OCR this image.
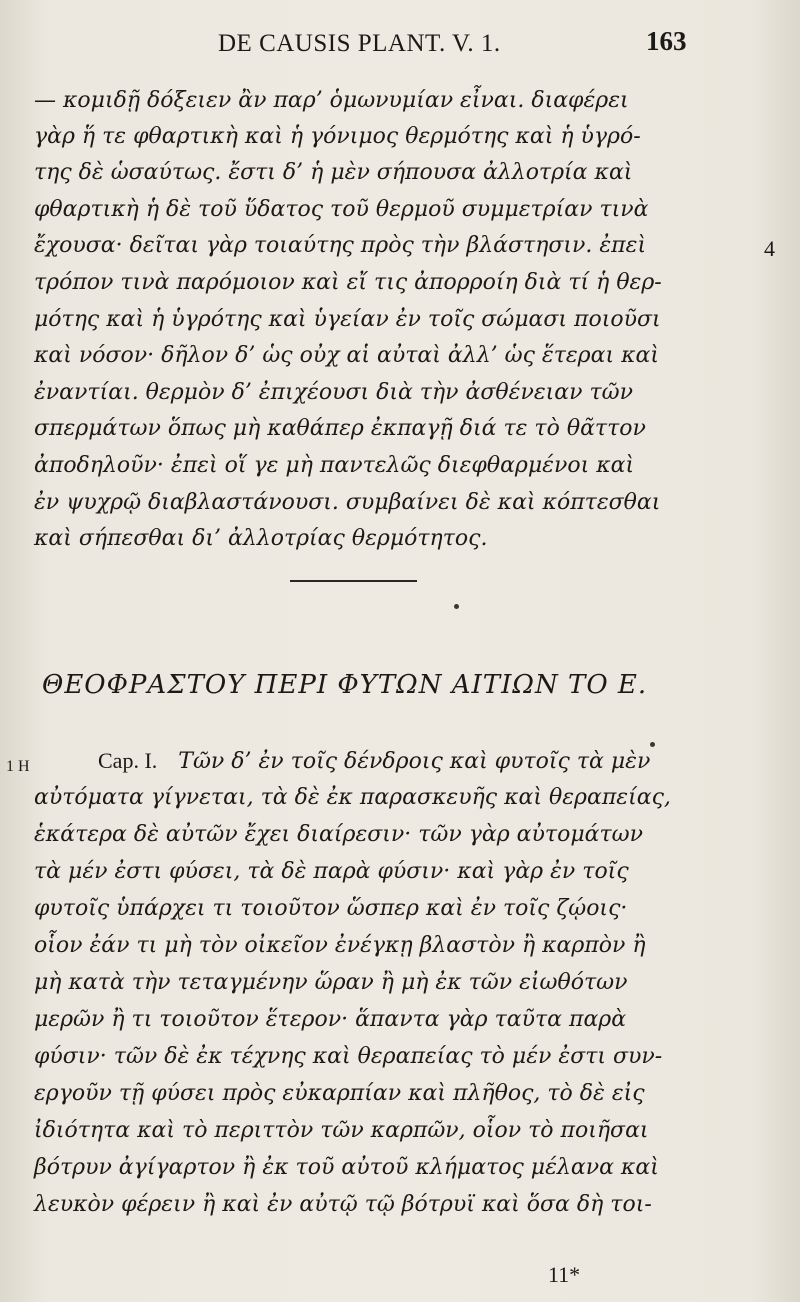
DE CAUSIS PLANT. V. 1.	163
— κομιδῇ δόξειεν ἂν παρ’ ὁμωνυμίαν εἶναι. διαφέρει
γὰρ ἥ τε φθαρτικὴ καὶ ἡ γόνιμος θερμότης καὶ ἡ ὑγρό-
της δὲ ὡσαύτως. ἔστι δ’ ἡ μὲν σήπουσα ἀλλοτρία καὶ
φθαρτικὴ ἡ δὲ τοῦ ὕδατος τοῦ θερμοῦ συμμετρίαν τινὰ
ἔχουσα· δεῖται γὰρ τοιαύτης πρὸς τὴν βλάστησιν. ἐπεὶ
τρόπον τινὰ παρόμοιον καὶ εἴ τις ἀπορροίη διὰ τί ἡ θερ-
μότης καὶ ἡ ὑγρότης καὶ ὑγείαν ἐν τοῖς σώμασι ποιοῦσι
καὶ νόσον· δῆλον δ’ ὡς οὐχ αἱ αὐταὶ ἀλλ’ ὡς ἕτεραι καὶ
ἐναντίαι. θερμὸν δ’ ἐπιχέουσι διὰ τὴν ἀσθένειαν τῶν
σπερμάτων ὅπως μὴ καθάπερ ἐκπαγῇ διά τε τὸ θᾶττον
ἀποδηλοῦν· ἐπεὶ οἵ γε μὴ παντελῶς διεφθαρμένοι καὶ
ἐν ψυχρῷ διαβλαστάνουσι. συμβαίνει δὲ καὶ κόπτεσθαι
καὶ σήπεσθαι δι’ ἀλλοτρίας θερμότητος.
4
ΘΕΟΦΡΑΣΤΟΥ ΠΕΡΙ ΦΥΤΩΝ ΑΙΤΙΩΝ ΤΟ Ε.
1 H	Cap. I. Τῶν δ’ ἐν τοῖς δένδροις καὶ φυτοῖς τὰ μὲν
αὐτόματα γίγνεται, τὰ δὲ ἐκ παρασκευῆς καὶ θεραπείας,
ἑκάτερα δὲ αὐτῶν ἔχει διαίρεσιν· τῶν γὰρ αὐτομάτων
τὰ μέν ἐστι φύσει, τὰ δὲ παρὰ φύσιν· καὶ γὰρ ἐν τοῖς
φυτοῖς ὑπάρχει τι τοιοῦτον ὥσπερ καὶ ἐν τοῖς ζῴοις·
οἷον ἐάν τι μὴ τὸν οἰκεῖον ἐνέγκῃ βλαστὸν ἢ καρπὸν ἢ
μὴ κατὰ τὴν τεταγμένην ὥραν ἢ μὴ ἐκ τῶν εἰωθότων
μερῶν ἢ τι τοιοῦτον ἕτερον· ἅπαντα γὰρ ταῦτα παρὰ
φύσιν· τῶν δὲ ἐκ τέχνης καὶ θεραπείας τὸ μέν ἐστι συν-
εργοῦν τῇ φύσει πρὸς εὐκαρπίαν καὶ πλῆθος, τὸ δὲ εἰς
ἰδιότητα καὶ τὸ περιττὸν τῶν καρπῶν, οἷον τὸ ποιῆσαι
βότρυν ἀγίγαρτον ἢ ἐκ τοῦ αὐτοῦ κλήματος μέλανα καὶ
λευκὸν φέρειν ἢ καὶ ἐν αὐτῷ τῷ βότρυϊ καὶ ὅσα δὴ τοι-
11*
